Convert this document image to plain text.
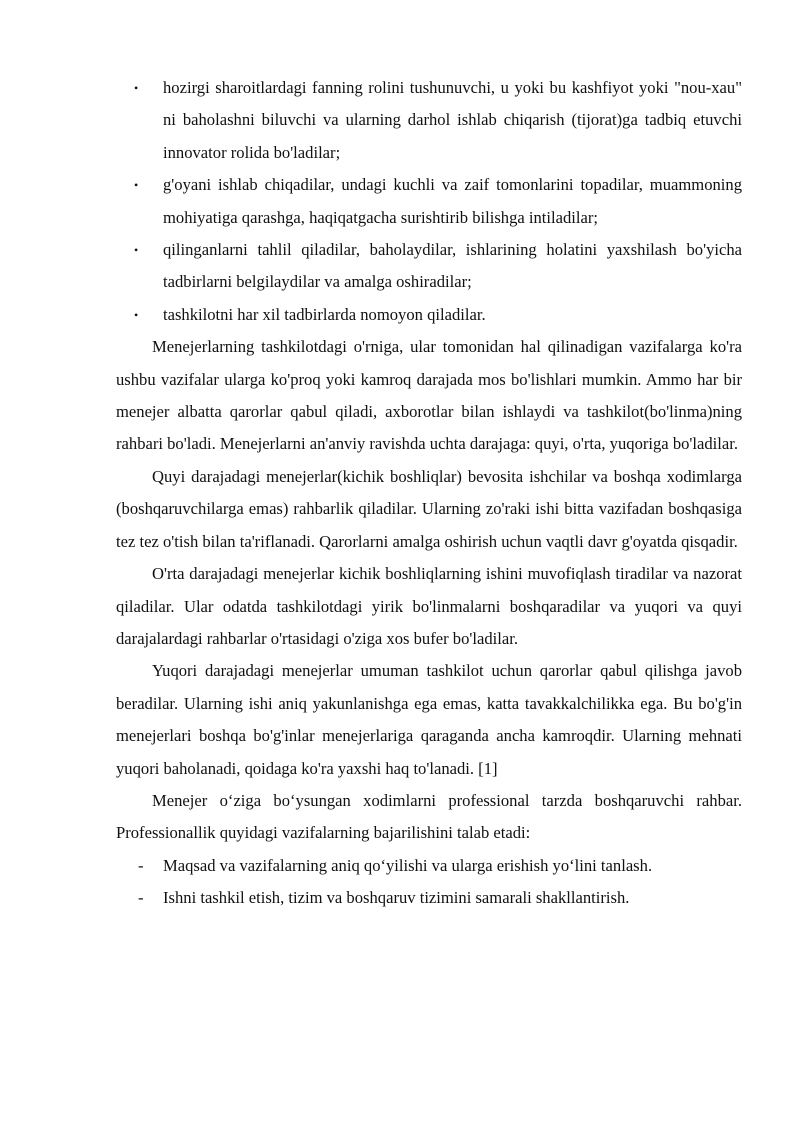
• hozirgi sharoitlardagi fanning rolini tushunuvchi, u yoki bu kashfiyot yoki "nou-xau" ni baholashni biluvchi va ularning darhol ishlab chiqarish (tijorat)ga tadbiq etuvchi innovator rolida bo'ladilar;
• g'oyani ishlab chiqadilar, undagi kuchli va zaif tomonlarini topadilar, muammoning mohiyatiga qarashga, haqiqatgacha surishtirib bilishga intiladilar;
• qilinganlarni tahlil qiladilar, baholaydilar, ishlarining holatini yaxshilash bo'yicha tadbirlarni belgilaydilar va amalga oshiradilar;
• tashkilotni har xil tadbirlarda nomoyon qiladilar.

Menejerlarning tashkilotdagi o'rniga, ular tomonidan hal qilinadigan vazifalarga ko'ra ushbu vazifalar ularga ko'proq yoki kamroq darajada mos bo'lishlari mumkin. Ammo har bir menejer albatta qarorlar qabul qiladi, axborotlar bilan ishlaydi va tashkilot(bo'linma)ning rahbari bo'ladi. Menejerlarni an'anviy ravishda uchta darajaga: quyi, o'rta, yuqoriga bo'ladilar.

Quyi darajadagi menejerlar(kichik boshliqlar) bevosita ishchilar va boshqa xodimlarga (boshqaruvchilarga emas) rahbarlik qiladilar. Ularning zo'raki ishi bitta vazifadan boshqasiga tez tez o'tish bilan ta'riflanadi. Qarorlarni amalga oshirish uchun vaqtli davr g'oyatda qisqadir.

O'rta darajadagi menejerlar kichik boshliqlarning ishini muvofiqlash tiradilar va nazorat qiladilar. Ular odatda tashkilotdagi yirik bo'linmalarni boshqaradilar va yuqori va quyi darajalardagi rahbarlar o'rtasidagi o'ziga xos bufer bo'ladilar.

Yuqori darajadagi menejerlar umuman tashkilot uchun qarorlar qabul qilishga javob beradilar. Ularning ishi aniq yakunlanishga ega emas, katta tavakkalchilikka ega. Bu bo'g'in menejerlari boshqa bo'g'inlar menejerlariga qaraganda ancha kamroqdir. Ularning mehnati yuqori baholanadi, qoidaga ko'ra yaxshi haq to'lanadi. [1]

Menejer o‘ziga bo‘ysungan xodimlarni professional tarzda boshqaruvchi rahbar. Professionallik quyidagi vazifalarning bajarilishini talab etadi:

- Maqsad va vazifalarning aniq qo‘yilishi va ularga erishish yo‘lini tanlash.
- Ishni tashkil etish, tizim va boshqaruv tizimini samarali shakllantirish.
